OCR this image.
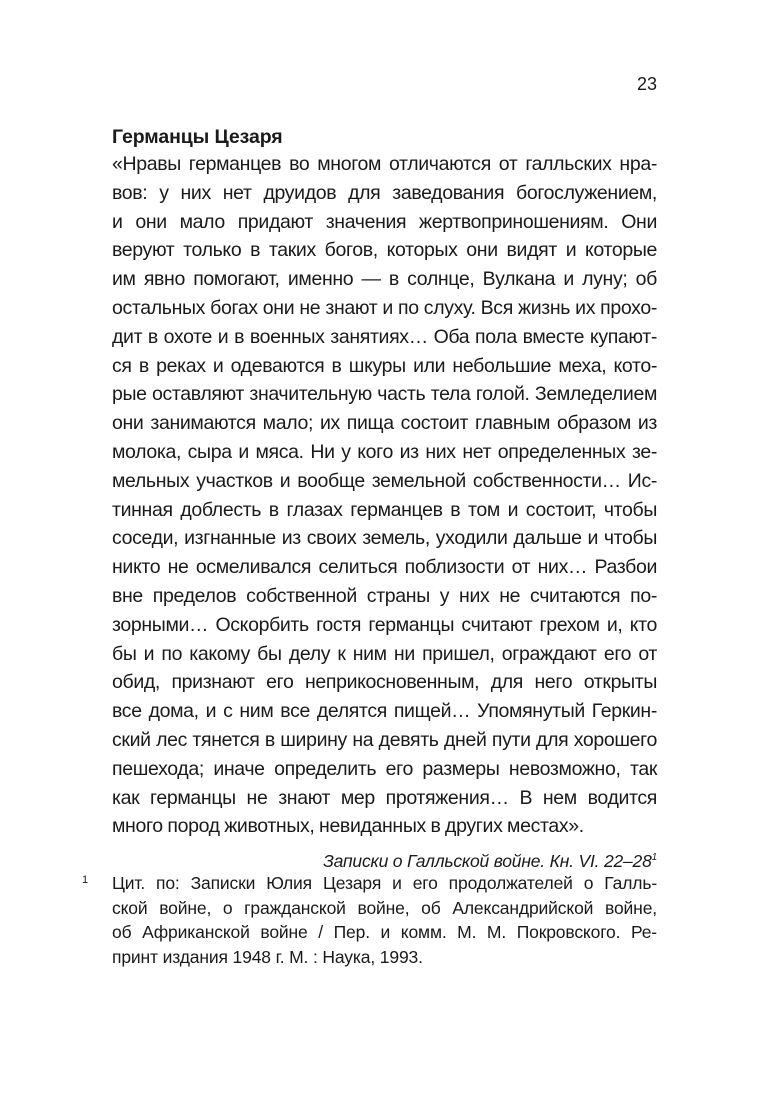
23
Германцы Цезаря
«Нравы германцев во многом отличаются от галльских нра-
вов: у них нет друидов для заведования богослужением,
и они мало придают значения жертвоприношениям. Они
веруют только в таких богов, которых они видят и которые
им явно помогают, именно — в солнце, Вулкана и луну; об
остальных богах они не знают и по слуху. Вся жизнь их прохо-
дит в охоте и в военных занятиях… Оба пола вместе купают-
ся в реках и одеваются в шкуры или небольшие меха, кото-
рые оставляют значительную часть тела голой. Земледелием
они занимаются мало; их пища состоит главным образом из
молока, сыра и мяса. Ни у кого из них нет определенных зе-
мельных участков и вообще земельной собственности… Ис-
тинная доблесть в глазах германцев в том и состоит, чтобы
соседи, изгнанные из своих земель, уходили дальше и чтобы
никто не осмеливался селиться поблизости от них… Разбои
вне пределов собственной страны у них не считаются по-
зорными… Оскорбить гостя германцы считают грехом и, кто
бы и по какому бы делу к ним ни пришел, ограждают его от
обид, признают его неприкосновенным, для него открыты
все дома, и с ним все делятся пищей… Упомянутый Геркин-
ский лес тянется в ширину на девять дней пути для хорошего
пешехода; иначе определить его размеры невозможно, так
как германцы не знают мер протяжения… В нем водится
много пород животных, невиданных в других местах».
Записки о Галльской войне. Кн. VI. $22-28^1$
1 Цит. по: Записки Юлия Цезаря и его продолжателей о Галль-
ской войне, о гражданской войне, об Александрийской войне,
об Африканской войне / Пер. и комм. М. М. Покровского. Ре-
принт издания 1948 г. М. : Наука, 1993.
